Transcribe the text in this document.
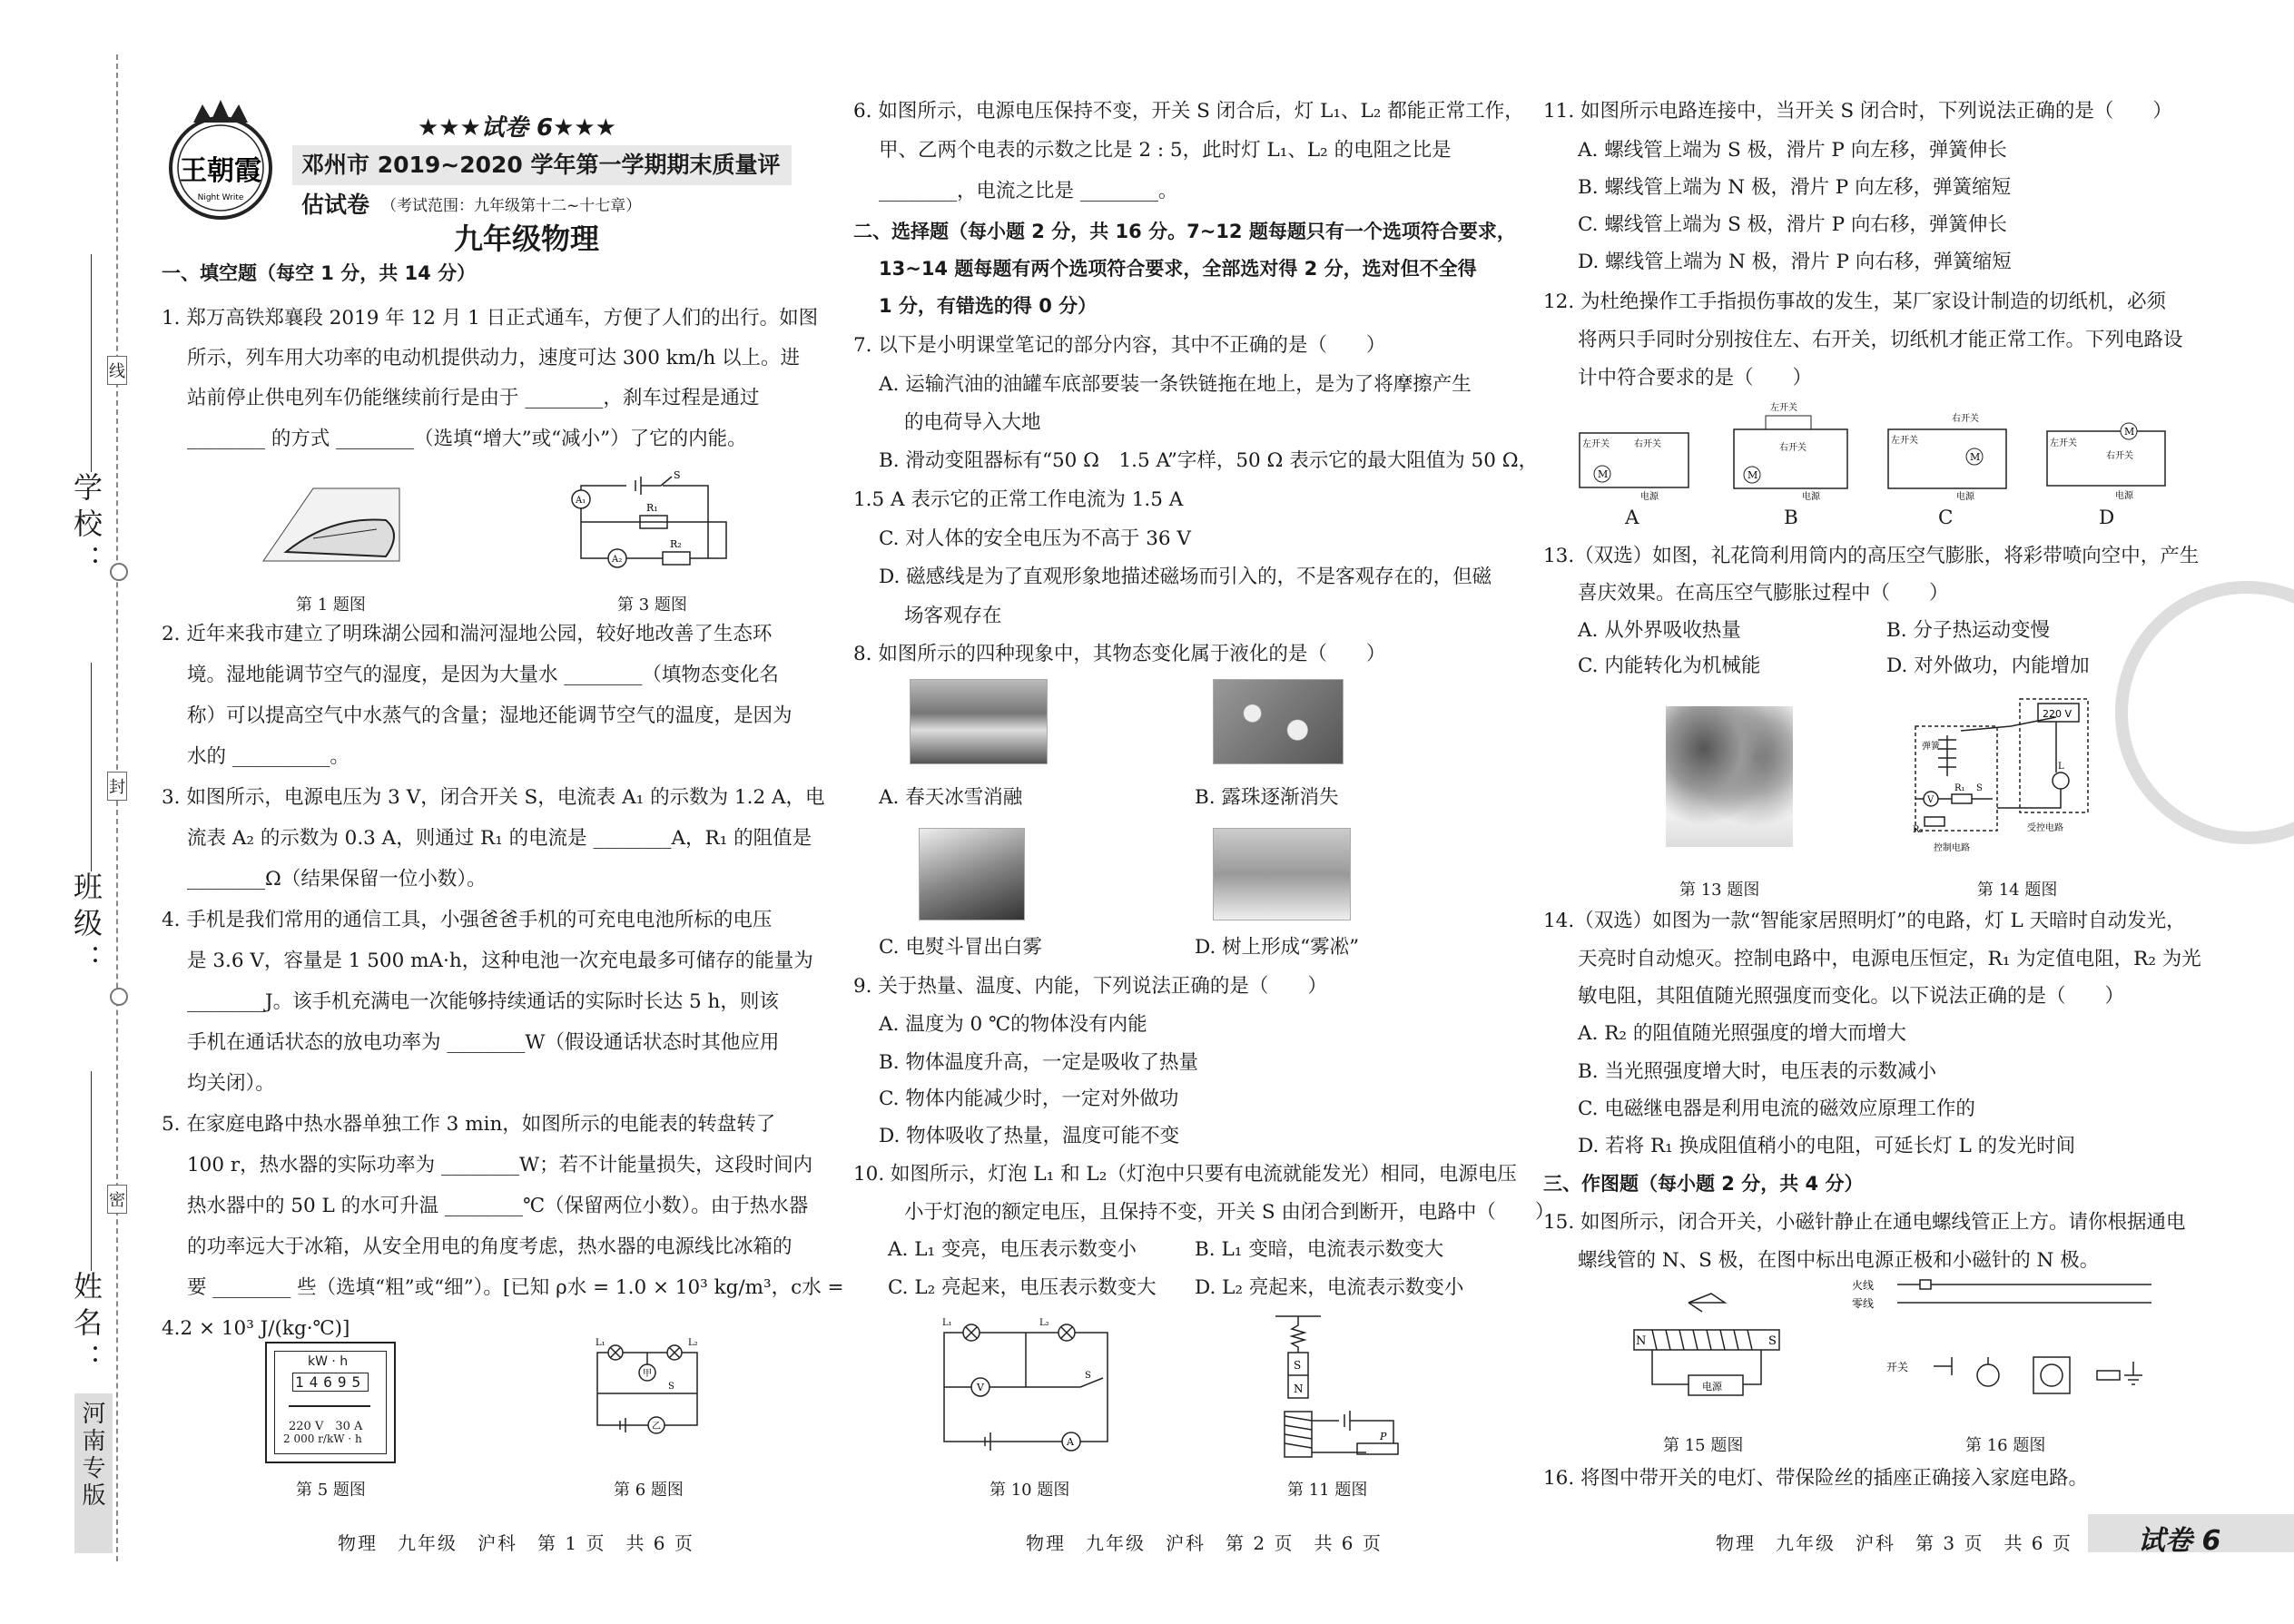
学校：
班级：
姓名：
线
封
密
河南专版
王朝霞
Night Write
★★★试卷 6★★★
邓州市 2019~2020 学年第一学期期末质量评估试卷 （考试范围：九年级第十二~十七章）
九年级物理
一、填空题（每空 1 分，共 14 分）
1. 郑万高铁郑襄段 2019 年 12 月 1 日正式通车，方便了人们的出行。如图
所示，列车用大功率的电动机提供动力，速度可达 300 km/h 以上。进
站前停止供电列车仍能继续前行是由于 ________，刹车过程是通过
________ 的方式 ________（选填“增大”或“减小”）了它的内能。
2. 近年来我市建立了明珠湖公园和湍河湿地公园，较好地改善了生态环
境。湿地能调节空气的湿度，是因为大量水 ________（填物态变化名
称）可以提高空气中水蒸气的含量；湿地还能调节空气的温度，是因为
水的 __________。
3. 如图所示，电源电压为 3 V，闭合开关 S，电流表 A₁ 的示数为 1.2 A，电
流表 A₂ 的示数为 0.3 A，则通过 R₁ 的电流是 ________A，R₁ 的阻值是
________Ω（结果保留一位小数）。
4. 手机是我们常用的通信工具，小强爸爸手机的可充电电池所标的电压
是 3.6 V，容量是 1 500 mA·h，这种电池一次充电最多可储存的能量为
________J。该手机充满电一次能够持续通话的实际时长达 5 h，则该
手机在通话状态的放电功率为 ________W（假设通话状态时其他应用
均关闭）。
5. 在家庭电路中热水器单独工作 3 min，如图所示的电能表的转盘转了
100 r，热水器的实际功率为 ________W；若不计能量损失，这段时间内
热水器中的 50 L 的水可升温 ________℃（保留两位小数）。由于热水器
的功率远大于冰箱，从安全用电的角度考虑，热水器的电源线比冰箱的
要 ________ 些（选填“粗”或“细”）。[已知 ρ水 = 1.0 × 10³ kg/m³，c水 =
4.2 × 10³ J/(kg·℃)]
第 1 题图
A₁
A₂
R₁
R₂
S
第 3 题图
kW · h
14695
220 V　30 A
2 000 r/kW · h
第 5 题图
甲
乙
L₁	L₂
S
第 6 题图
物理　九年级　沪科　第 1 页　共 6 页
6. 如图所示，电源电压保持不变，开关 S 闭合后，灯 L₁、L₂ 都能正常工作，
甲、乙两个电表的示数之比是 2 : 5，此时灯 L₁、L₂ 的电阻之比是
________，电流之比是 ________。
二、选择题（每小题 2 分，共 16 分。7~12 题每题只有一个选项符合要求，
13~14 题每题有两个选项符合要求，全部选对得 2 分，选对但不全得
1 分，有错选的得 0 分）
7. 以下是小明课堂笔记的部分内容，其中不正确的是（　　）
A. 运输汽油的油罐车底部要装一条铁链拖在地上，是为了将摩擦产生
的电荷导入大地
B. 滑动变阻器标有“50 Ω　1.5 A”字样，50 Ω 表示它的最大阻值为 50 Ω，
1.5 A 表示它的正常工作电流为 1.5 A
C. 对人体的安全电压为不高于 36 V
D. 磁感线是为了直观形象地描述磁场而引入的，不是客观存在的，但磁
场客观存在
8. 如图所示的四种现象中，其物态变化属于液化的是（　　）
9. 关于热量、温度、内能，下列说法正确的是（　　）
A. 温度为 0 ℃的物体没有内能
B. 物体温度升高，一定是吸收了热量
C. 物体内能减少时，一定对外做功
D. 物体吸收了热量，温度可能不变
10. 如图所示，灯泡 L₁ 和 L₂（灯泡中只要有电流就能发光）相同，电源电压
小于灯泡的额定电压，且保持不变，开关 S 由闭合到断开，电路中（　　）
A. 春天冰雪消融	B. 露珠逐渐消失
C. 电熨斗冒出白雾	D. 树上形成“雾凇”
A. L₁ 变亮，电压表示数变小	B. L₁ 变暗，电流表示数变大
C. L₂ 亮起来，电压表示数变大 D. L₂ 亮起来，电流表示数变小
V
A
L₁	L₂
S
第 10 题图
S
N
P
第 11 题图
物理　九年级　沪科　第 2 页　共 6 页
11. 如图所示电路连接中，当开关 S 闭合时，下列说法正确的是（　　）
A. 螺线管上端为 S 极，滑片 P 向左移，弹簧伸长
B. 螺线管上端为 N 极，滑片 P 向左移，弹簧缩短
C. 螺线管上端为 S 极，滑片 P 向右移，弹簧伸长
D. 螺线管上端为 N 极，滑片 P 向右移，弹簧缩短
12. 为杜绝操作工手指损伤事故的发生，某厂家设计制造的切纸机，必须
将两只手同时分别按住左、右开关，切纸机才能正常工作。下列电路设
计中符合要求的是（　　）
M
左开关	右开关
电源
M
左开关
右开关
电源
M
左开关
右开关
电源
M
左开关
右开关
电源
A	B	C	D
13.（双选）如图，礼花筒利用筒内的高压空气膨胀，将彩带喷向空中，产生
喜庆效果。在高压空气膨胀过程中（　　）
A. 从外界吸收热量	B. 分子热运动变慢
C. 内能转化为机械能	D. 对外做功，内能增加
第 13 题图
220 V
弹簧
V
R₁ S
R₂
L
控制电路
受控电路
第 14 题图
14.（双选）如图为一款“智能家居照明灯”的电路，灯 L 天暗时自动发光，
天亮时自动熄灭。控制电路中，电源电压恒定，R₁ 为定值电阻，R₂ 为光
敏电阻，其阻值随光照强度而变化。以下说法正确的是（　　）
A. R₂ 的阻值随光照强度的增大而增大
B. 当光照强度增大时，电压表的示数减小
C. 电磁继电器是利用电流的磁效应原理工作的
D. 若将 R₁ 换成阻值稍小的电阻，可延长灯 L 的发光时间
三、作图题（每小题 2 分，共 4 分）
15. 如图所示，闭合开关，小磁针静止在通电螺线管正上方。请你根据通电
螺线管的 N、S 极，在图中标出电源正极和小磁针的 N 极。
N	S
电源
第 15 题图
火线
零线
开关
第 16 题图
16. 将图中带开关的电灯、带保险丝的插座正确接入家庭电路。
物理　九年级　沪科　第 3 页　共 6 页 试卷 6
